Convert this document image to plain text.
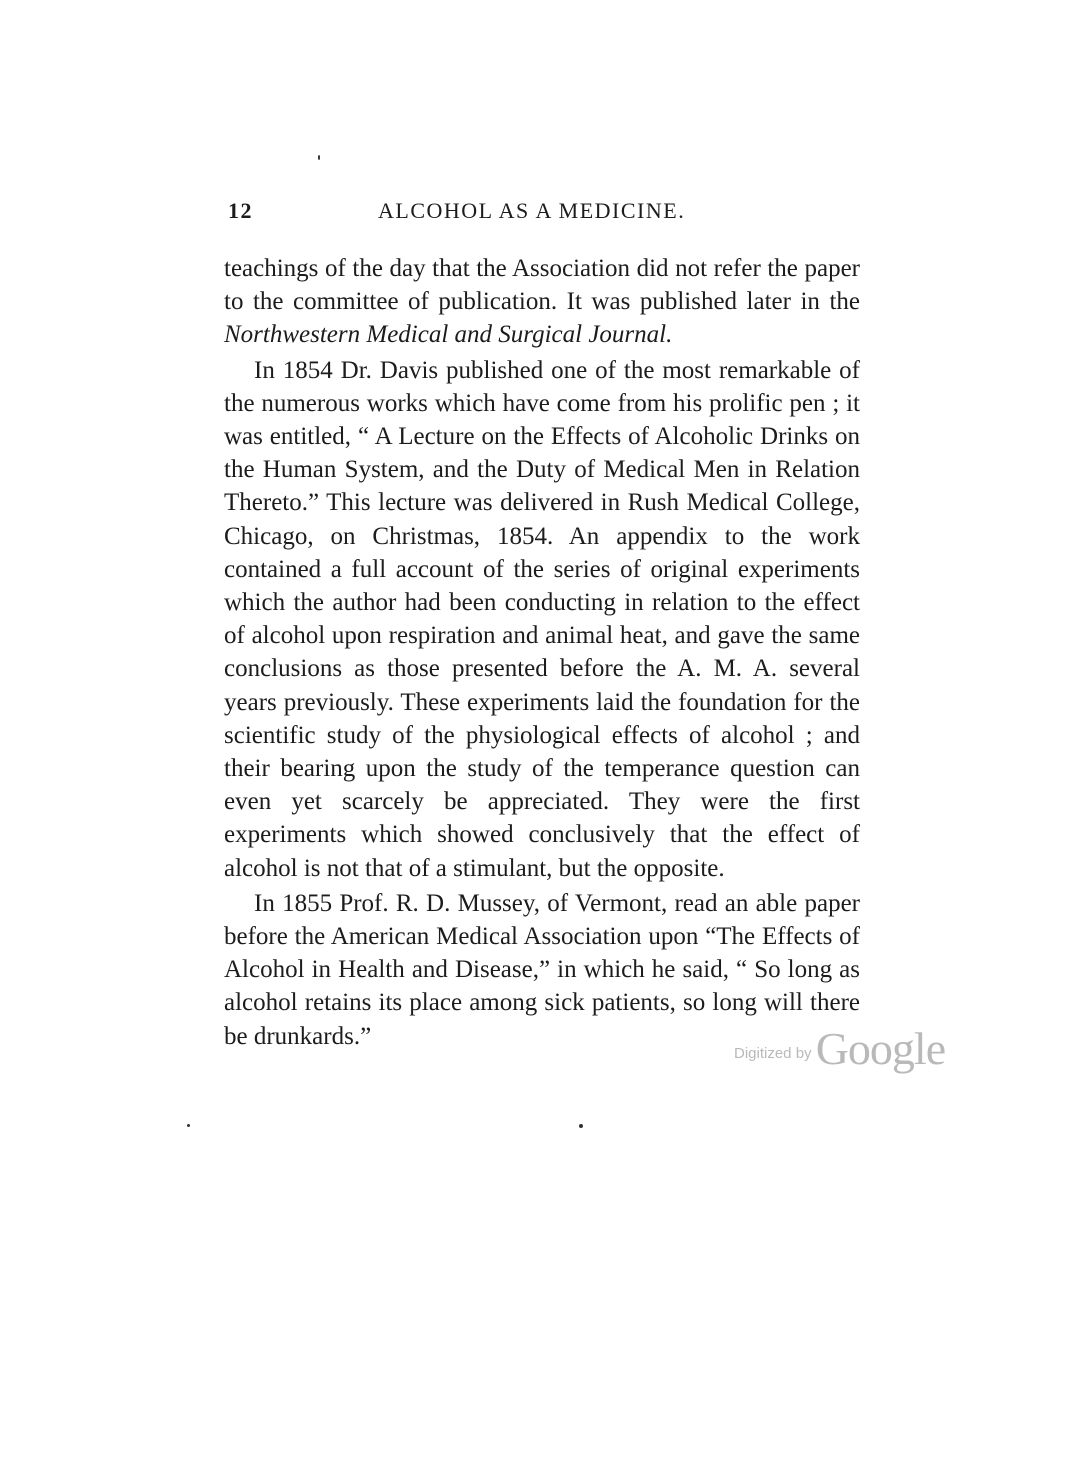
12	ALCOHOL AS A MEDICINE.

teachings of the day that the Association did not refer the paper to the committee of publication. It was published later in the Northwestern Medical and Surgical Journal.

In 1854 Dr. Davis published one of the most remarkable of the numerous works which have come from his prolific pen ; it was entitled, “ A Lecture on the Effects of Alcoholic Drinks on the Human System, and the Duty of Medical Men in Relation Thereto.” This lecture was delivered in Rush Medical College, Chicago, on Christmas, 1854. An appendix to the work contained a full account of the series of original experiments which the author had been conducting in relation to the effect of alcohol upon respiration and animal heat, and gave the same conclusions as those presented before the A. M. A. several years previously. These experiments laid the foundation for the scientific study of the physiological effects of alcohol ; and their bearing upon the study of the temperance question can even yet scarcely be appreciated. They were the first experiments which showed conclusively that the effect of alcohol is not that of a stimulant, but the opposite.

In 1855 Prof. R. D. Mussey, of Vermont, read an able paper before the American Medical Association upon “The Effects of Alcohol in Health and Disease,” in which he said, “ So long as alcohol retains its place among sick patients, so long will there be drunkards.”

Digitized by Google
